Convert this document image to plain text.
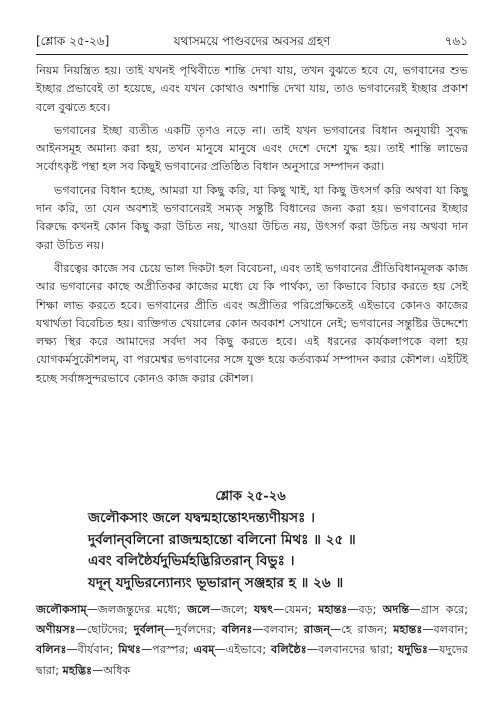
[শ্লোক ২৫-২৬]	যথাসময়ে পাণ্ডবদের অবসর গ্রহণ	৭৬১

নিয়ম নিয়ন্ত্রিত হয়। তাই যখনই পৃথিবীতে শান্তি দেখা যায়, তখন বুঝতে হবে যে, ভগবানের শুভ ইচ্ছার প্রভাবেই তা হয়েছে, এবং যখন কোথাও অশান্তি দেখা যায়, তাও ভগবানেরই ইচ্ছার প্রকাশ বলে বুঝতে হবে।

ভগবানের ইচ্ছা ব্যতীত একটি তৃণও নড়ে না। তাই যখন ভগবানের বিধান অনুযায়ী সুবদ্ধ আইনসমূহ অমান্য করা হয়, তখন মানুষে মানুষে এবং দেশে দেশে যুদ্ধ হয়। তাই শান্তি লাভের সর্বোৎকৃষ্ট পন্থা হল সব কিছুই ভগবানের প্রতিষ্ঠিত বিধান অনুসারে সম্পাদন করা।

ভগবানের বিধান হচ্ছে, আমরা যা কিছু করি, যা কিছু খাই, যা কিছু উৎসর্গ করি অথবা যা কিছু দান করি, তা যেন অবশ্যই ভগবানেরই সম্যক্ সন্তুষ্টি বিধানের জন্য করা হয়। ভগবানের ইচ্ছার বিরুদ্ধে কখনই কোন কিছু করা উচিত নয়, খাওয়া উচিত নয়, উৎসর্গ করা উচিত নয় অথবা দান করা উচিত নয়।

বীরত্বের কাজে সব চেয়ে ভাল দিকটা হল বিবেচনা, এবং তাই ভগবানের প্রীতিবিধানমূলক কাজ আর ভগবানের কাছে অপ্রীতিকর কাজের মধ্যে যে কি পার্থক্য, তা কিভাবে বিচার করতে হয় সেই শিক্ষা লাভ করতে হবে। ভগবানের প্রীতি এবং অপ্রীতির পরিপ্রেক্ষিতেই এইভাবে কোনও কাজের যথার্থতা বিবেচিত হয়। ব্যক্তিগত খেয়ালের কোন অবকাশ সেখানে নেই; ভগবানের সন্তুষ্টির উদ্দেশ্যে লক্ষ্য স্থির করে আমাদের সর্বদা সব কিছু করতে হবে। এই ধরনের কার্যকলাপকে বলা হয় যোগকর্মসুকৌশলম্, বা পরমেশ্বর ভগবানের সঙ্গে যুক্ত হয়ে কর্তব্যকর্ম সম্পাদন করার কৌশল। এইটিই হচ্ছে সর্বাঙ্গসুন্দরভাবে কোনও কাজ করার কৌশল।

শ্লোক ২৫-২৬
জলৌকসাং জলে যদ্বন্মহান্তোঽদন্ত্যণীয়সঃ ।
দুর্বলান্‌বলিনো রাজন্মহান্তো বলিনো মিথঃ ॥ ২৫ ॥
এবং বলিষ্ঠৈর্যদুভির্মহদ্ভিরিতরান্ বিভুঃ ।
যদূন্ যদুভিরন্যোন্যং ভূভারান্ সঞ্জহার হ ॥ ২৬ ॥
জলৌকসাম্—জলজন্তুদের মধ্যে; জলে—জলে; যদ্বৎ—যেমন; মহান্তঃ—বড়; অদন্তি—গ্রাস করে; অণীয়সঃ—ছোটদের; দুর্বলান্—দুর্বলদের; বলিনঃ—বলবান; রাজন্—হে রাজন; মহান্তঃ—বলবান; বলিনঃ—বীর্যবান; মিথঃ—পরস্পর; এবম্—এইভাবে; বলিষ্ঠৈঃ—বলবানদের দ্বারা; যদুভিঃ—যদুদের দ্বারা; মহদ্ভিঃ—অধিক
